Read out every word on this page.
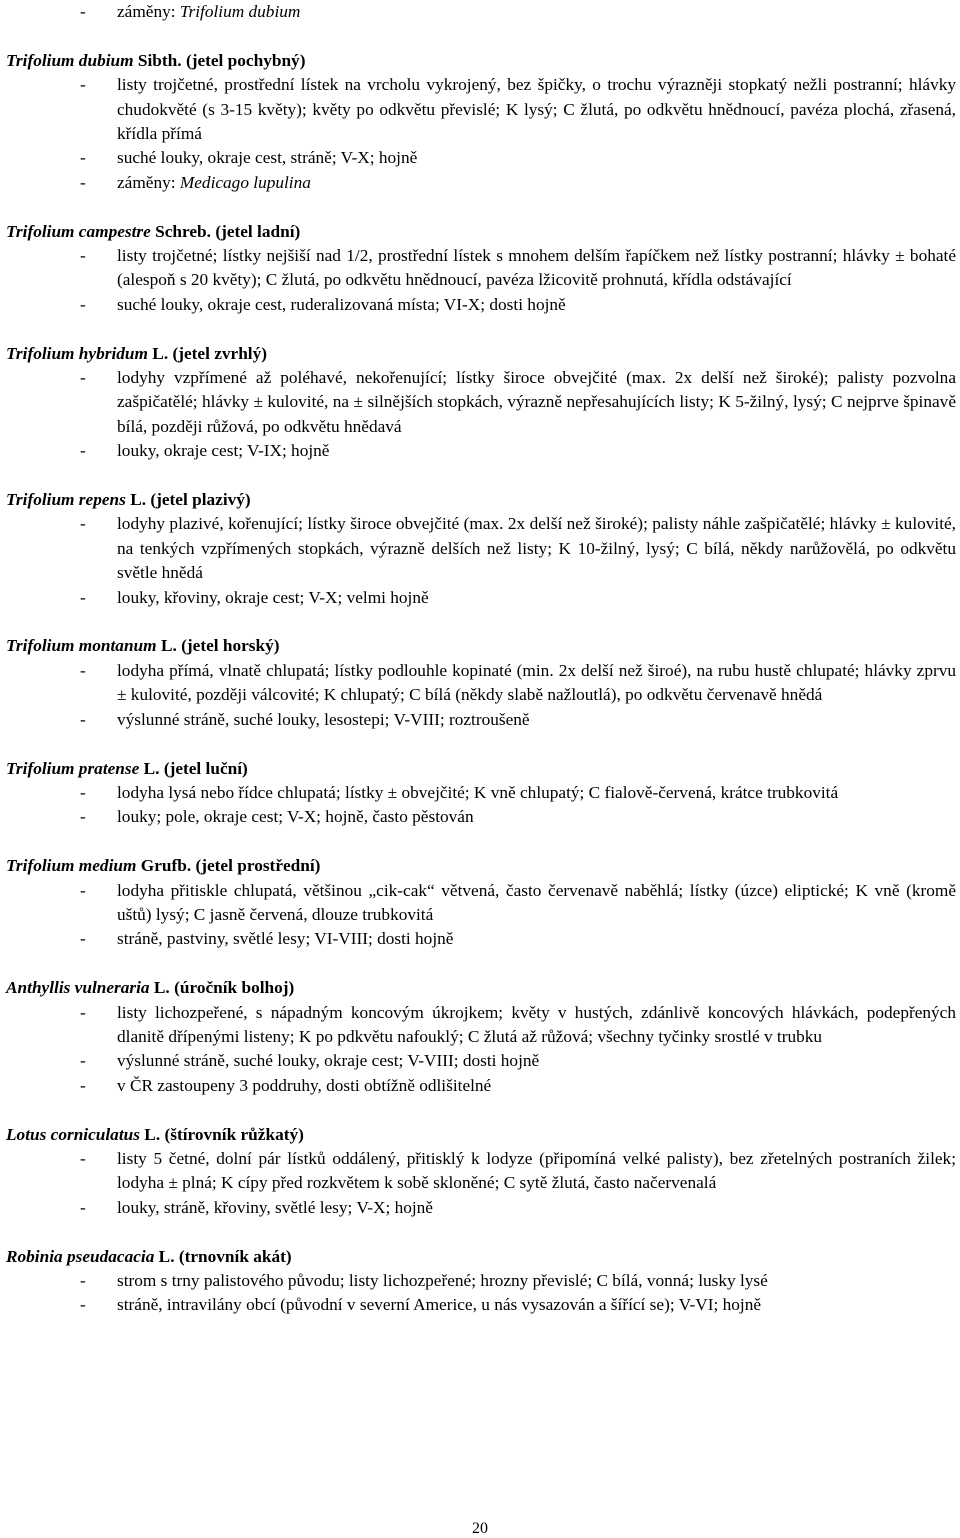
- záměny: Trifolium dubium
Trifolium dubium Sibth. (jetel pochybný)
- listy trojčetné, prostřední lístek na vrcholu vykrojený, bez špičky, o trochu výrazněji stopkatý nežli postranní; hlávky chudokvěté (s 3-15 květy); květy po odkvětu převislé; K lysý; C žlutá, po odkvětu hnědnoucí, pavéza plochá, zřasená, křídla přímá
- suché louky, okraje cest, stráně; V-X; hojně
- záměny: Medicago lupulina
Trifolium campestre Schreb. (jetel ladní)
- listy trojčetné; lístky nejšiší nad 1/2, prostřední lístek s mnohem delším řapíčkem než lístky postranní; hlávky ± bohaté (alespoň s 20 květy); C žlutá, po odkvětu hnědnoucí, pavéza lžicovitě prohnutá, křídla odstávající
- suché louky, okraje cest, ruderalizovaná místa; VI-X; dosti hojně
Trifolium hybridum L. (jetel zvrhlý)
- lodyhy vzpřímené až poléhavé, nekořenující; lístky široce obvejčité (max. 2x delší než široké); palisty pozvolna zašpičatělé; hlávky ± kulovité, na ± silnějších stopkách, výrazně nepřesahujících listy; K 5-žilný, lysý; C nejprve špinavě bílá, později růžová, po odkvětu hnědavá
- louky, okraje cest; V-IX; hojně
Trifolium repens L. (jetel plazivý)
- lodyhy plazivé, kořenující; lístky široce obvejčité (max. 2x delší než široké); palisty náhle zašpičatělé; hlávky ± kulovité, na tenkých vzpřímených stopkách, výrazně delších než listy; K 10-žilný, lysý; C bílá, někdy narůžovělá, po odkvětu světle hnědá
- louky, křoviny, okraje cest; V-X; velmi hojně
Trifolium montanum L. (jetel horský)
- lodyha přímá, vlnatě chlupatá; lístky podlouhle kopinaté (min. 2x delší než široé), na rubu hustě chlupaté; hlávky zprvu ± kulovité, později válcovité; K chlupatý; C bílá (někdy slabě nažloutlá), po odkvětu červenavě hnědá
- výslunné stráně, suché louky, lesostepi; V-VIII; roztroušeně
Trifolium pratense L. (jetel luční)
- lodyha lysá nebo řídce chlupatá; lístky ± obvejčité; K vně chlupatý; C fialově-červená, krátce trubkovitá
- louky; pole, okraje cest; V-X; hojně, často pěstován
Trifolium medium Grufb. (jetel prostřední)
- lodyha přitiskle chlupatá, většinou „cik-cak“ větvená, často červenavě naběhlá; lístky (úzce) eliptické; K vně (kromě uštů) lysý; C jasně červená, dlouze trubkovitá
- stráně, pastviny, světlé lesy; VI-VIII; dosti hojně
Anthyllis vulneraria L. (úročník bolhoj)
- listy lichozpeřené, s nápadným koncovým úkrojkem; květy v hustých, zdánlivě koncových hlávkách, podepřených dlanitě dřípenými listeny; K po pdkvětu nafouklý; C žlutá až růžová; všechny tyčinky srostlé v trubku
- výslunné stráně, suché louky, okraje cest; V-VIII; dosti hojně
- v ČR zastoupeny 3 poddruhy, dosti obtížně odlišitelné
Lotus corniculatus L. (štírovník růžkatý)
- listy 5 četné, dolní pár lístků oddálený, přitisklý k lodyze (připomíná velké palisty), bez zřetelných postraních žilek; lodyha ± plná; K cípy před rozkvětem k sobě skloněné; C sytě žlutá, často načervenalá
- louky, stráně, křoviny, světlé lesy; V-X; hojně
Robinia pseudacacia L. (trnovník akát)
- strom s trny palistového původu; listy lichozpeřené; hrozny převislé; C bílá, vonná; lusky lysé
- stráně, intravilány obcí (původní v severní Americe, u nás vysazován a šířící se); V-VI; hojně
20
